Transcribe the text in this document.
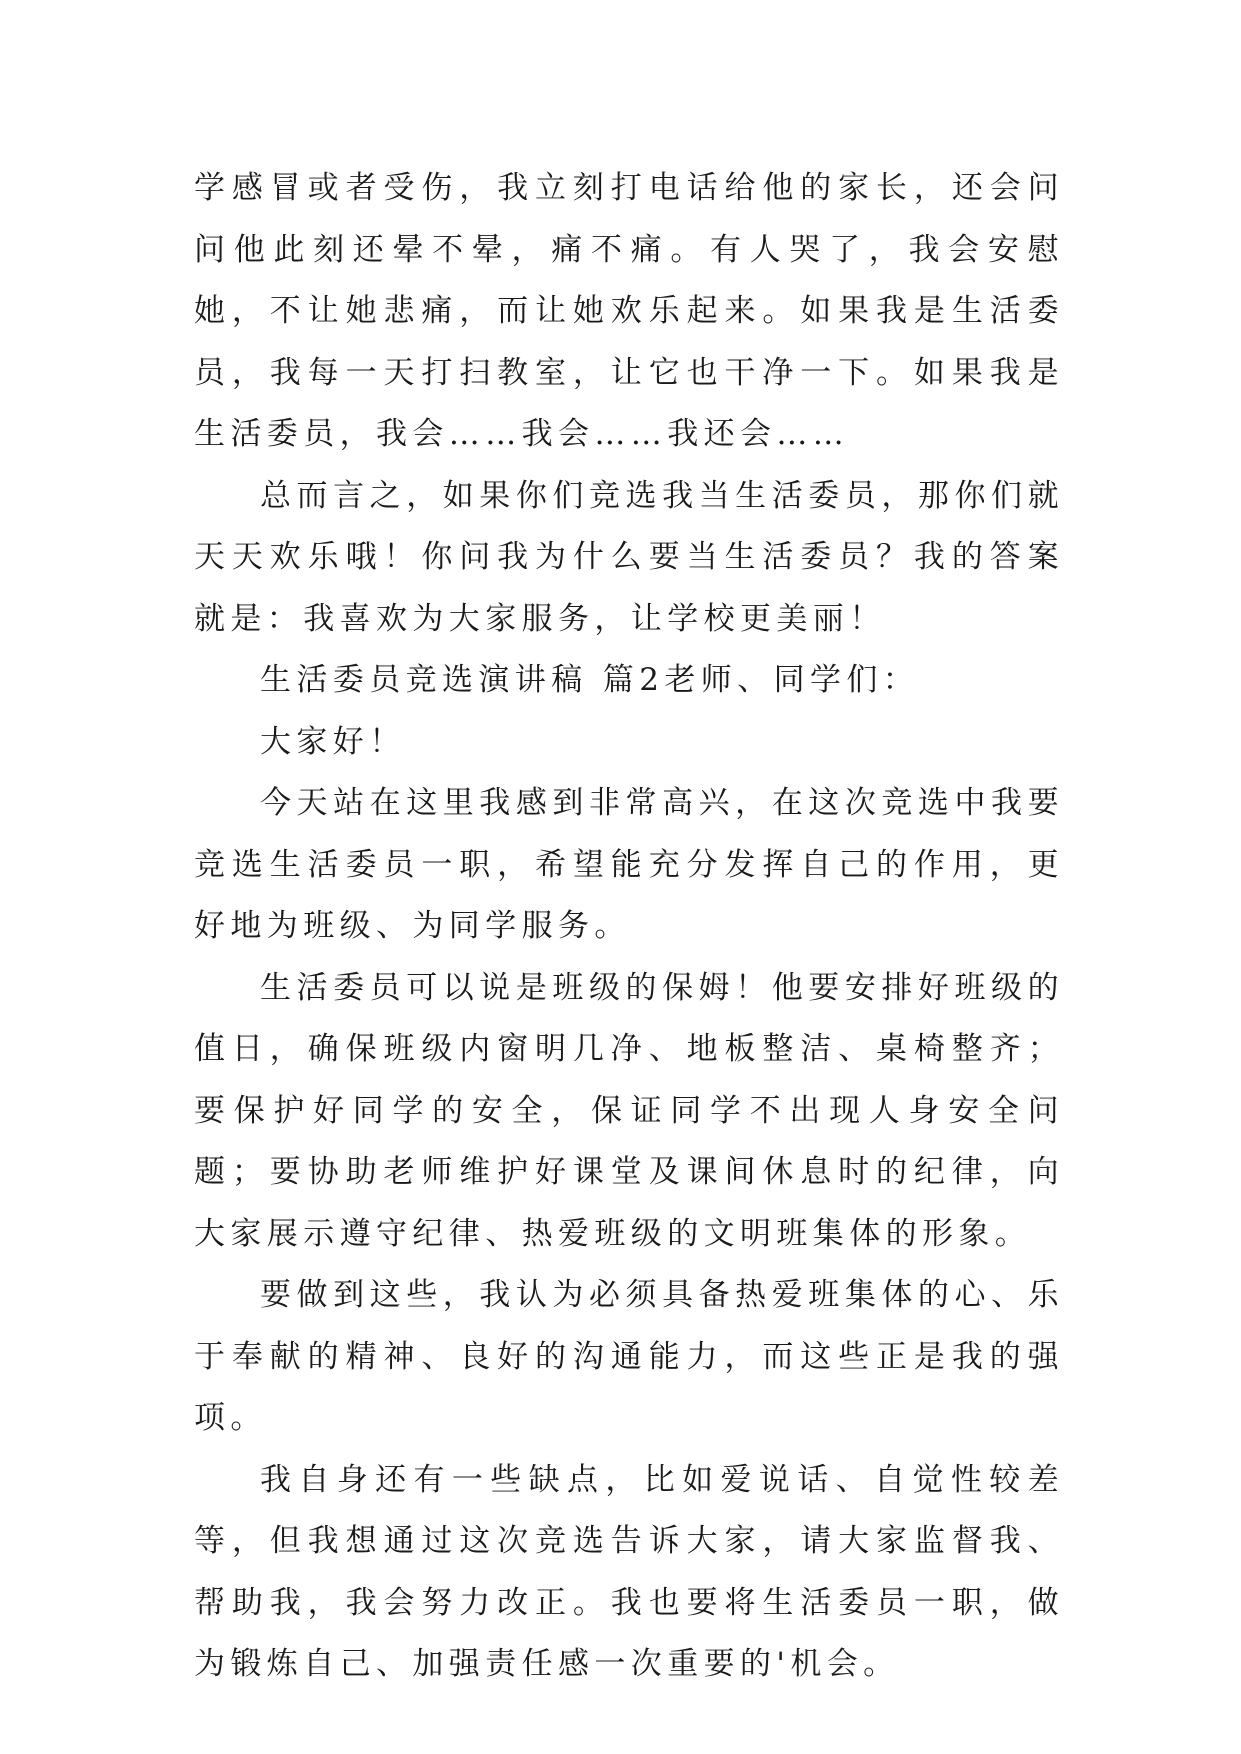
学感冒或者受伤，我立刻打电话给他的家长，还会问问他此刻还晕不晕，痛不痛。有人哭了，我会安慰她，不让她悲痛，而让她欢乐起来。如果我是生活委员，我每一天打扫教室，让它也干净一下。如果我是生活委员，我会……我会……我还会……

总而言之，如果你们竞选我当生活委员，那你们就天天欢乐哦！你问我为什么要当生活委员？我的答案就是：我喜欢为大家服务，让学校更美丽！

生活委员竞选演讲稿 篇2老师、同学们：

大家好！

今天站在这里我感到非常高兴，在这次竞选中我要竞选生活委员一职，希望能充分发挥自己的作用，更好地为班级、为同学服务。

生活委员可以说是班级的保姆！他要安排好班级的值日，确保班级内窗明几净、地板整洁、桌椅整齐；要保护好同学的安全，保证同学不出现人身安全问题；要协助老师维护好课堂及课间休息时的纪律，向大家展示遵守纪律、热爱班级的文明班集体的形象。

要做到这些，我认为必须具备热爱班集体的心、乐于奉献的精神、良好的沟通能力，而这些正是我的强项。

我自身还有一些缺点，比如爱说话、自觉性较差等，但我想通过这次竞选告诉大家，请大家监督我、帮助我，我会努力改正。我也要将生活委员一职，做为锻炼自己、加强责任感一次重要的'机会。
